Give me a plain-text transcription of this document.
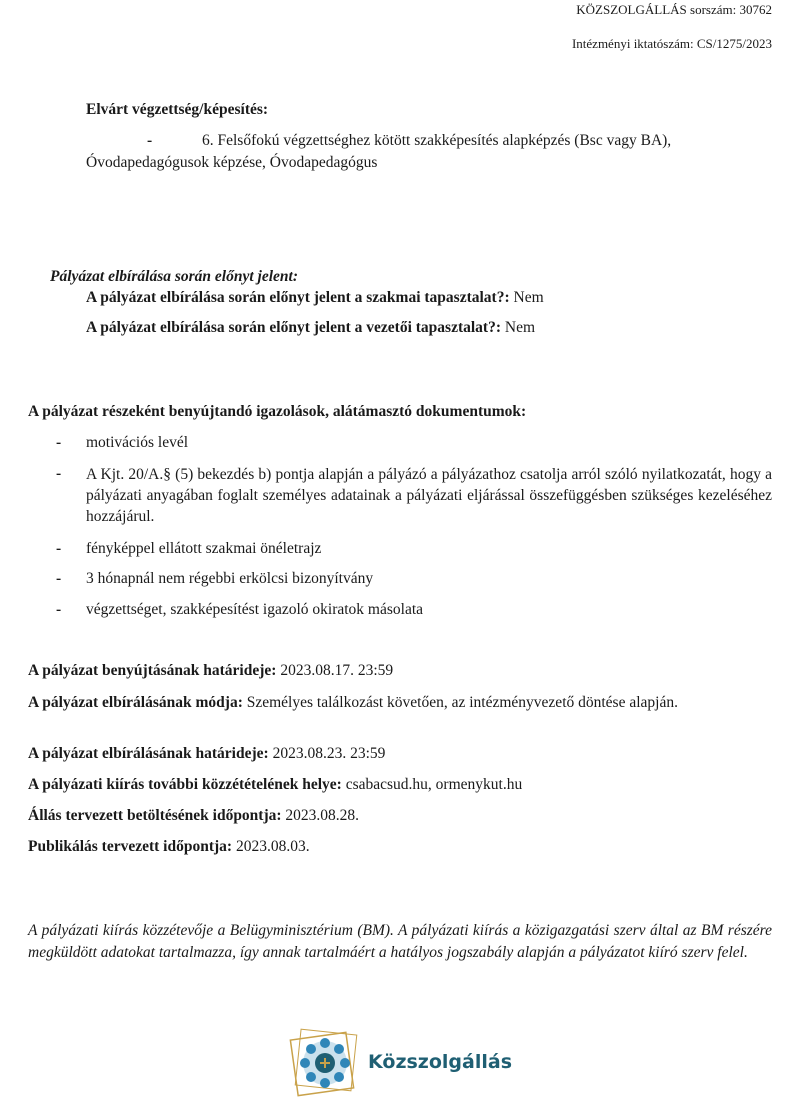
KÖZSZOLGÁLLÁS sorszám: 30762
Intézményi iktatószám: CS/1275/2023
Elvárt végzettség/képesítés:
-	6. Felsőfokú végzettséghez kötött szakképesítés alapképzés (Bsc vagy BA),
Óvodapedagógusok képzése, Óvodapedagógus
Pályázat elbírálása során előnyt jelent:
A pályázat elbírálása során előnyt jelent a szakmai tapasztalat?: Nem
A pályázat elbírálása során előnyt jelent a vezetői tapasztalat?: Nem
A pályázat részeként benyújtandó igazolások, alátámasztó dokumentumok:
- motivációs levél
- A Kjt. 20/A.§ (5) bekezdés b) pontja alapján a pályázó a pályázathoz csatolja arról szóló nyilatkozatát, hogy a pályázati anyagában foglalt személyes adatainak a pályázati eljárással összefüggésben szükséges kezeléséhez hozzájárul.
- fényképpel ellátott szakmai önéletrajz
- 3 hónapnál nem régebbi erkölcsi bizonyítvány
- végzettséget, szakképesítést igazoló okiratok másolata
A pályázat benyújtásának határideje: 2023.08.17. 23:59
A pályázat elbírálásának módja: Személyes találkozást követően, az intézményvezető döntése alapján.
A pályázat elbírálásának határideje: 2023.08.23. 23:59
A pályázati kiírás további közzétételének helye: csabacsud.hu, ormenykut.hu
Állás tervezett betöltésének időpontja: 2023.08.28.
Publikálás tervezett időpontja: 2023.08.03.
A pályázati kiírás közzétevője a Belügyminisztérium (BM). A pályázati kiírás a közigazgatási szerv által az BM részére megküldött adatokat tartalmazza, így annak tartalmáért a hatályos jogszabály alapján a pályázatot kiíró szerv felel.
Közszolgállás
